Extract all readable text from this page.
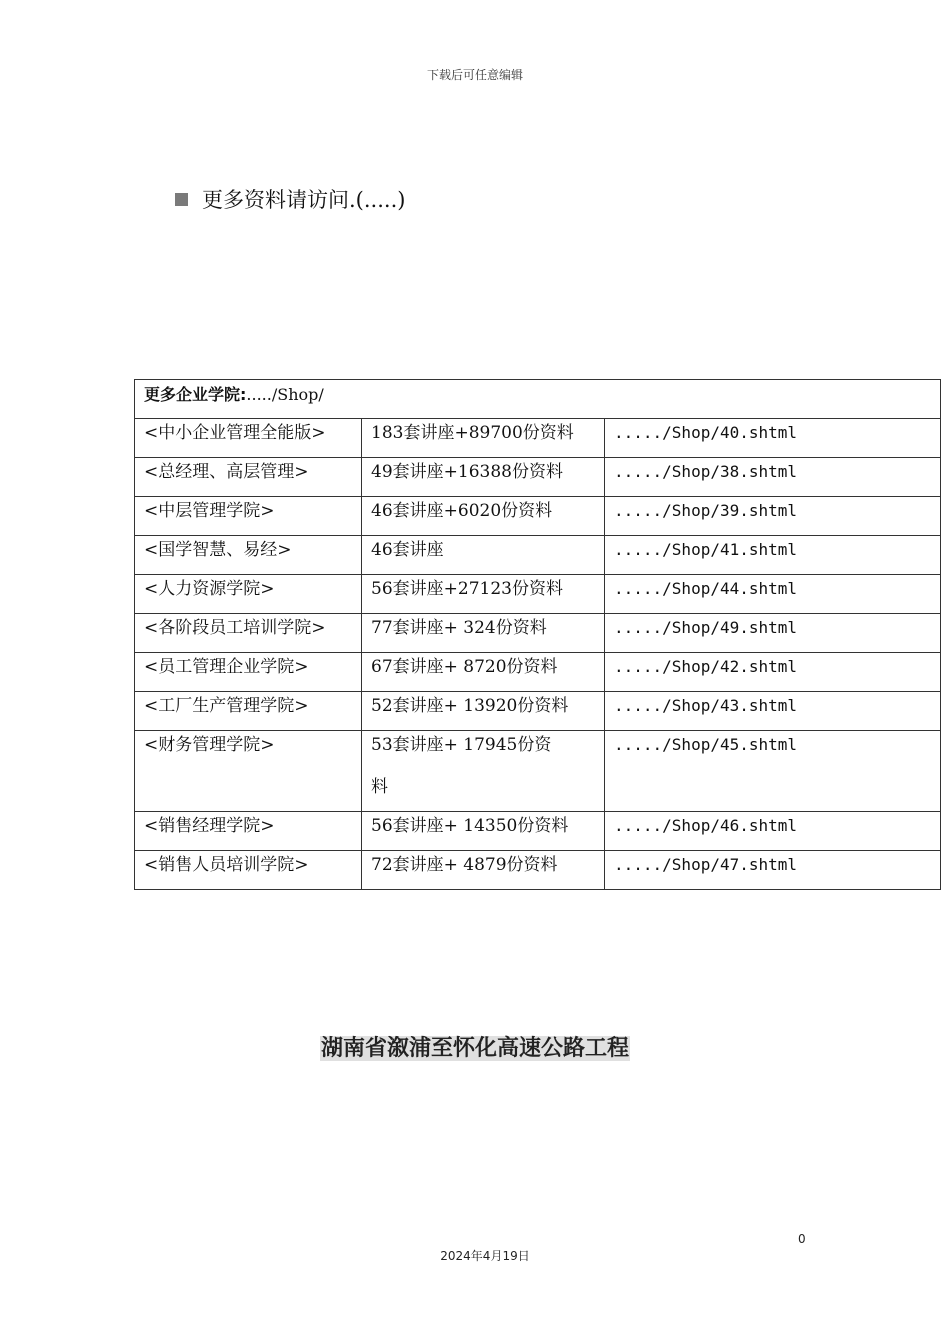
下载后可任意编辑
更多资料请访问.(.....)
更多企业学院:...../Shop/		
<中小企业管理全能版>	183套讲座+89700份资料	...../Shop/40.shtml
<总经理、高层管理>	49套讲座+16388份资料	...../Shop/38.shtml
<中层管理学院>	46套讲座+6020份资料	...../Shop/39.shtml
<国学智慧、易经>	46套讲座	...../Shop/41.shtml
<人力资源学院>	56套讲座+27123份资料	...../Shop/44.shtml
<各阶段员工培训学院>	77套讲座+ 324份资料	...../Shop/49.shtml
<员工管理企业学院>	67套讲座+ 8720份资料	...../Shop/42.shtml
<工厂生产管理学院>	52套讲座+ 13920份资料	...../Shop/43.shtml
<财务管理学院>	53套讲座+ 17945份资料	...../Shop/45.shtml
<销售经理学院>	56套讲座+ 14350份资料	...../Shop/46.shtml
<销售人员培训学院>	72套讲座+ 4879份资料	...../Shop/47.shtml
湖南省溆浦至怀化高速公路工程
0
2024年4月19日
